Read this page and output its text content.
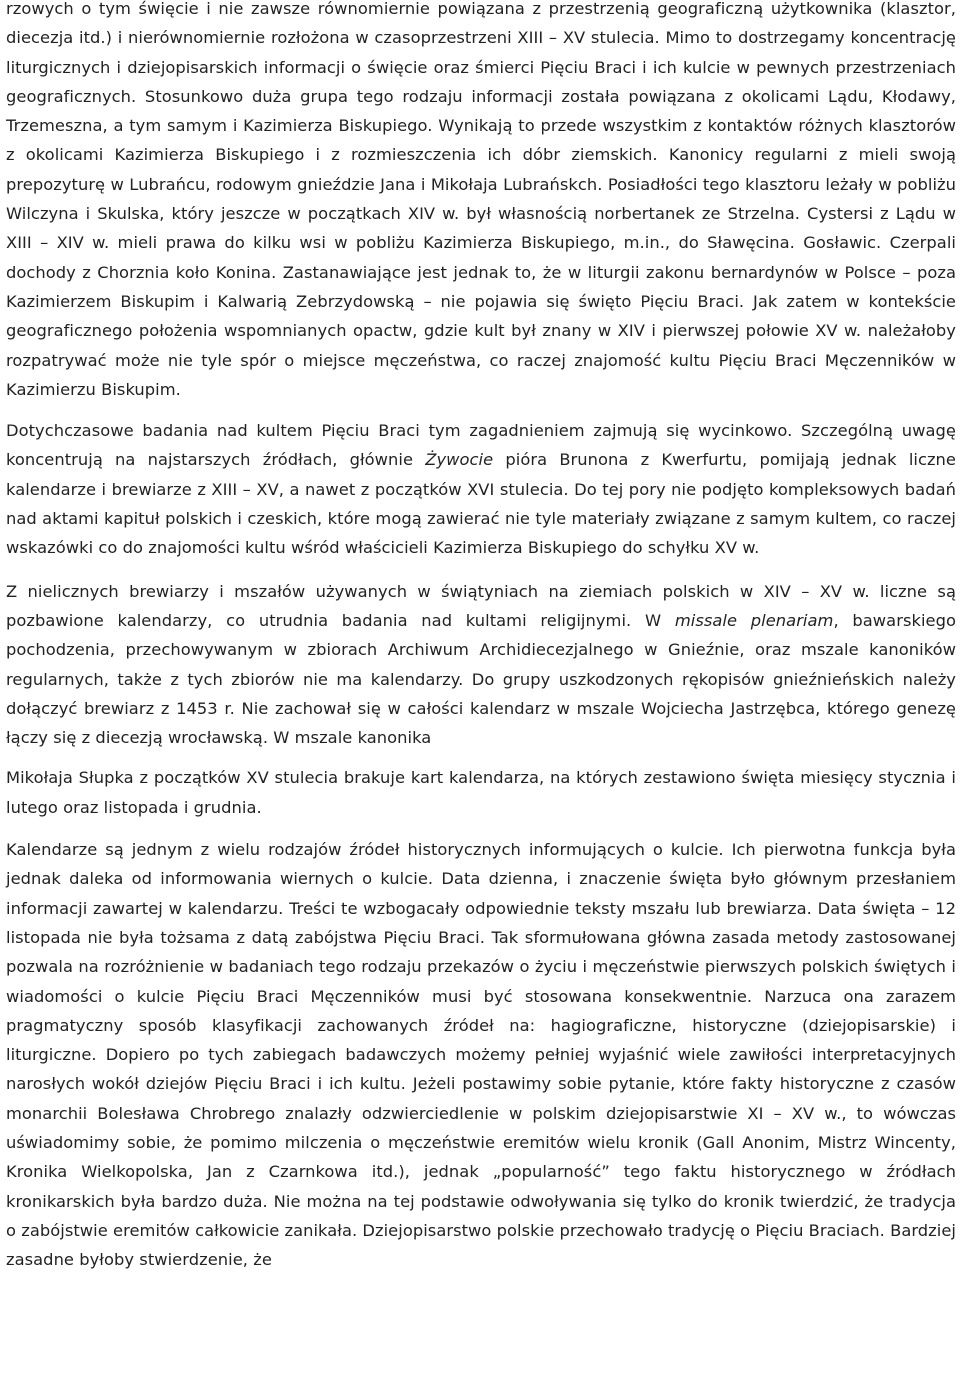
rzowych o tym święcie i nie zawsze równomiernie powiązana z przestrzenią geograficzną użytkownika (klasztor, diecezja itd.) i nierównomiernie rozłożona w czasoprzestrzeni XIII – XV stulecia. Mimo to dostrzegamy koncentrację liturgicznych i dziejopisarskich informacji o święcie oraz śmierci Pięciu Braci i ich kulcie w pewnych przestrzeniach geograficznych. Stosunkowo duża grupa tego rodzaju informacji została powiązana z okolicami Lądu, Kłodawy, Trzemeszna, a tym samym i Kazimierza Biskupiego. Wynikają to przede wszystkim z kontaktów różnych klasztorów z okolicami Kazimierza Biskupiego i z rozmieszczenia ich dóbr ziemskich. Kanonicy regularni z mieli swoją prepozyturę w Lubrańcu, rodowym gnieździe Jana i Mikołaja Lubrańskch. Posiadłości tego klasztoru leżały w pobliżu Wilczyna i Skulska, który jeszcze w początkach XIV w. był własnością norbertanek ze Strzelna. Cystersi z Lądu w XIII – XIV w. mieli prawa do kilku wsi w pobliżu Kazimierza Biskupiego, m.in., do Sławęcina. Gosławic. Czerpali dochody z Chorznia koło Konina. Zastanawiające jest jednak to, że w liturgii zakonu bernardynów w Polsce – poza Kazimierzem Biskupim i Kalwarią Zebrzydowską – nie pojawia się święto Pięciu Braci. Jak zatem w kontekście geograficznego położenia wspomnianych opactw, gdzie kult był znany w XIV i pierwszej połowie XV w. należałoby rozpatrywać może nie tyle spór o miejsce męczeństwa, co raczej znajomość kultu Pięciu Braci Męczenników w Kazimierzu Biskupim.

Dotychczasowe badania nad kultem Pięciu Braci tym zagadnieniem zajmują się wycinkowo. Szczególną uwagę koncentrują na najstarszych źródłach, głównie Żywocie pióra Brunona z Kwerfurtu, pomijają jednak liczne kalendarze i brewiarze z XIII – XV, a nawet z początków XVI stulecia. Do tej pory nie podjęto kompleksowych badań nad aktami kapituł polskich i czeskich, które mogą zawierać nie tyle materiały związane z samym kultem, co raczej wskazówki co do znajomości kultu wśród właścicieli Kazimierza Biskupiego do schyłku XV w.

Z nielicznych brewiarzy i mszałów używanych w świątyniach na ziemiach polskich w XIV – XV w. liczne są pozbawione kalendarzy, co utrudnia badania nad kultami religijnymi. W missale plenariam, bawarskiego pochodzenia, przechowywanym w zbiorach Archiwum Archidiecezjalnego w Gnieźnie, oraz mszale kanoników regularnych, także z tych zbiorów nie ma kalendarzy. Do grupy uszkodzonych rękopisów gnieźnieńskich należy dołączyć brewiarz z 1453 r. Nie zachował się w całości kalendarz w mszale Wojciecha Jastrzębca, którego genezę łączy się z diecezją wrocławską. W mszale kanonika

Mikołaja Słupka z początków XV stulecia brakuje kart kalendarza, na których zestawiono święta miesięcy stycznia i lutego oraz listopada i grudnia.

Kalendarze są jednym z wielu rodzajów źródeł historycznych informujących o kulcie. Ich pierwotna funkcja była jednak daleka od informowania wiernych o kulcie. Data dzienna, i znaczenie święta było głównym przesłaniem informacji zawartej w kalendarzu. Treści te wzbogacały odpowiednie teksty mszału lub brewiarza. Data święta – 12 listopada nie była tożsama z datą zabójstwa Pięciu Braci. Tak sformułowana główna zasada metody zastosowanej pozwala na rozróżnienie w badaniach tego rodzaju przekazów o życiu i męczeństwie pierwszych polskich świętych i wiadomości o kulcie Pięciu Braci Męczenników musi być stosowana konsekwentnie. Narzuca ona zarazem pragmatyczny sposób klasyfikacji zachowanych źródeł na: hagiograficzne, historyczne (dziejopisarskie) i liturgiczne. Dopiero po tych zabiegach badawczych możemy pełniej wyjaśnić wiele zawiłości interpretacyjnych narosłych wokół dziejów Pięciu Braci i ich kultu. Jeżeli postawimy sobie pytanie, które fakty historyczne z czasów monarchii Bolesława Chrobrego znalazły odzwierciedlenie w polskim dziejopisarstwie XI – XV w., to wówczas uświadomimy sobie, że pomimo milczenia o męczeństwie eremitów wielu kronik (Gall Anonim, Mistrz Wincenty, Kronika Wielkopolska, Jan z Czarnkowa itd.), jednak „popularność” tego faktu historycznego w źródłach kronikarskich była bardzo duża. Nie można na tej podstawie odwoływania się tylko do kronik twierdzić, że tradycja o zabójstwie eremitów całkowicie zanikała. Dziejopisarstwo polskie przechowało tradycję o Pięciu Braciach. Bardziej zasadne byłoby stwierdzenie, że
